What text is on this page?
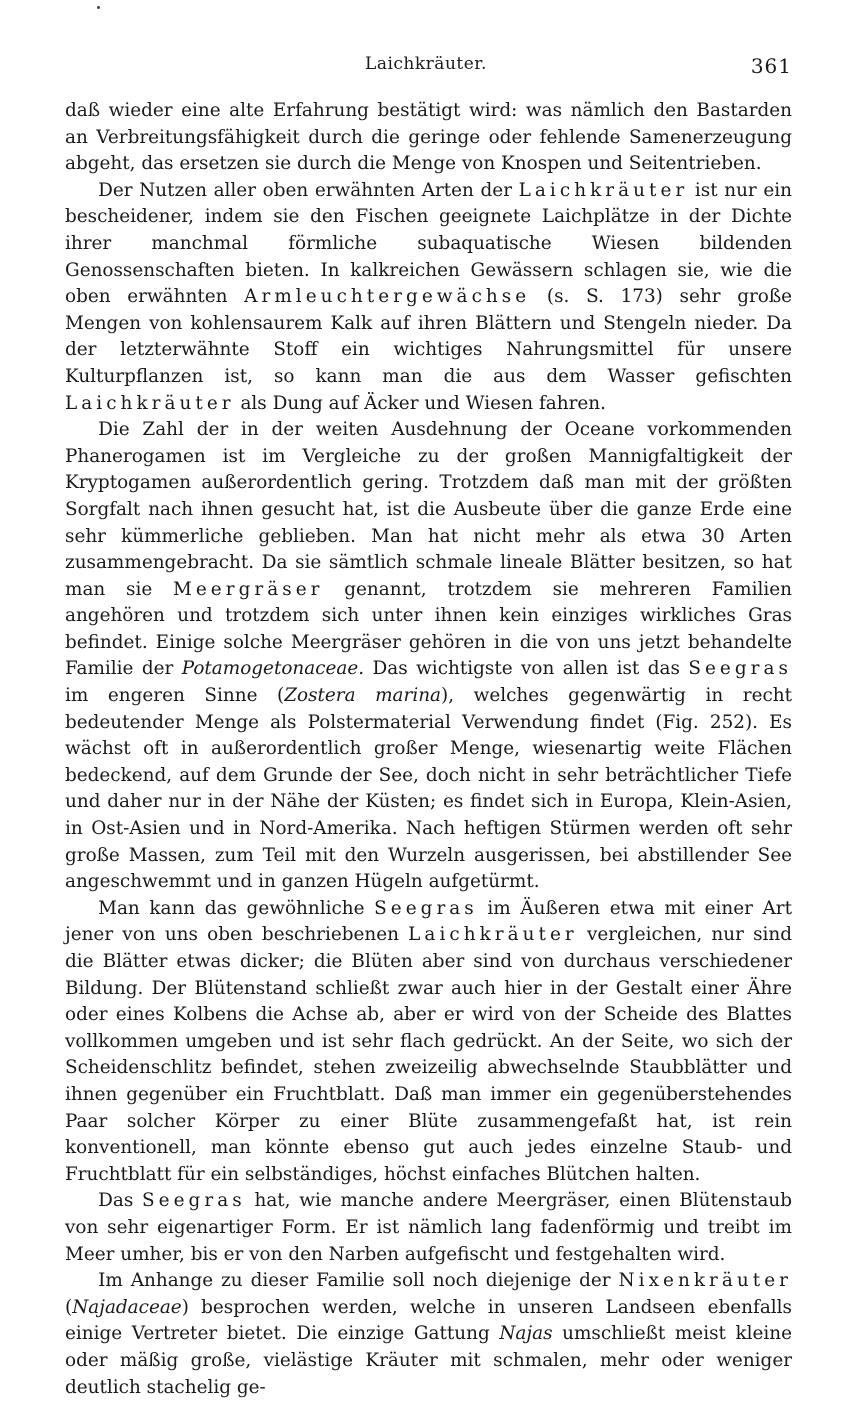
Laichkräuter.	361

daß wieder eine alte Erfahrung bestätigt wird: was nämlich den Bastarden an Verbreitungsfähigkeit durch die geringe oder fehlende Samenerzeugung abgeht, das ersetzen sie durch die Menge von Knospen und Seitentrieben.

Der Nutzen aller oben erwähnten Arten der Laichkräuter ist nur ein bescheidener, indem sie den Fischen geeignete Laichplätze in der Dichte ihrer manchmal förmliche subaquatische Wiesen bildenden Genossenschaften bieten. In kalkreichen Gewässern schlagen sie, wie die oben erwähnten Armleuchtergewächse (s. S. 173) sehr große Mengen von kohlensaurem Kalk auf ihren Blättern und Stengeln nieder. Da der letzterwähnte Stoff ein wichtiges Nahrungsmittel für unsere Kulturpflanzen ist, so kann man die aus dem Wasser gefischten Laichkräuter als Dung auf Äcker und Wiesen fahren.

Die Zahl der in der weiten Ausdehnung der Oceane vorkommenden Phanerogamen ist im Vergleiche zu der großen Mannigfaltigkeit der Kryptogamen außerordentlich gering. Trotzdem daß man mit der größten Sorgfalt nach ihnen gesucht hat, ist die Ausbeute über die ganze Erde eine sehr kümmerliche geblieben. Man hat nicht mehr als etwa 30 Arten zusammengebracht. Da sie sämtlich schmale lineale Blätter besitzen, so hat man sie Meergräser genannt, trotzdem sie mehreren Familien angehören und trotzdem sich unter ihnen kein einziges wirkliches Gras befindet. Einige solche Meergräser gehören in die von uns jetzt behandelte Familie der Potamogetonaceae. Das wichtigste von allen ist das Seegras im engeren Sinne (Zostera marina), welches gegenwärtig in recht bedeutender Menge als Polstermaterial Verwendung findet (Fig. 252). Es wächst oft in außerordentlich großer Menge, wiesenartig weite Flächen bedeckend, auf dem Grunde der See, doch nicht in sehr beträchtlicher Tiefe und daher nur in der Nähe der Küsten; es findet sich in Europa, Klein-Asien, in Ost-Asien und in Nord-Amerika. Nach heftigen Stürmen werden oft sehr große Massen, zum Teil mit den Wurzeln ausgerissen, bei abstillender See angeschwemmt und in ganzen Hügeln aufgetürmt.

Man kann das gewöhnliche Seegras im Äußeren etwa mit einer Art jener von uns oben beschriebenen Laichkräuter vergleichen, nur sind die Blätter etwas dicker; die Blüten aber sind von durchaus verschiedener Bildung. Der Blütenstand schließt zwar auch hier in der Gestalt einer Ähre oder eines Kolbens die Achse ab, aber er wird von der Scheide des Blattes vollkommen umgeben und ist sehr flach gedrückt. An der Seite, wo sich der Scheidenschlitz befindet, stehen zweizeilig abwechselnde Staubblätter und ihnen gegenüber ein Fruchtblatt. Daß man immer ein gegenüberstehendes Paar solcher Körper zu einer Blüte zusammengefaßt hat, ist rein konventionell, man könnte ebenso gut auch jedes einzelne Staub- und Fruchtblatt für ein selbständiges, höchst einfaches Blütchen halten.

Das Seegras hat, wie manche andere Meergräser, einen Blütenstaub von sehr eigenartiger Form. Er ist nämlich lang fadenförmig und treibt im Meer umher, bis er von den Narben aufgefischt und festgehalten wird.

Im Anhange zu dieser Familie soll noch diejenige der Nixenkräuter (Najadaceae) besprochen werden, welche in unseren Landseen ebenfalls einige Vertreter bietet. Die einzige Gattung Najas umschließt meist kleine oder mäßig große, vielästige Kräuter mit schmalen, mehr oder weniger deutlich stachelig ge-
